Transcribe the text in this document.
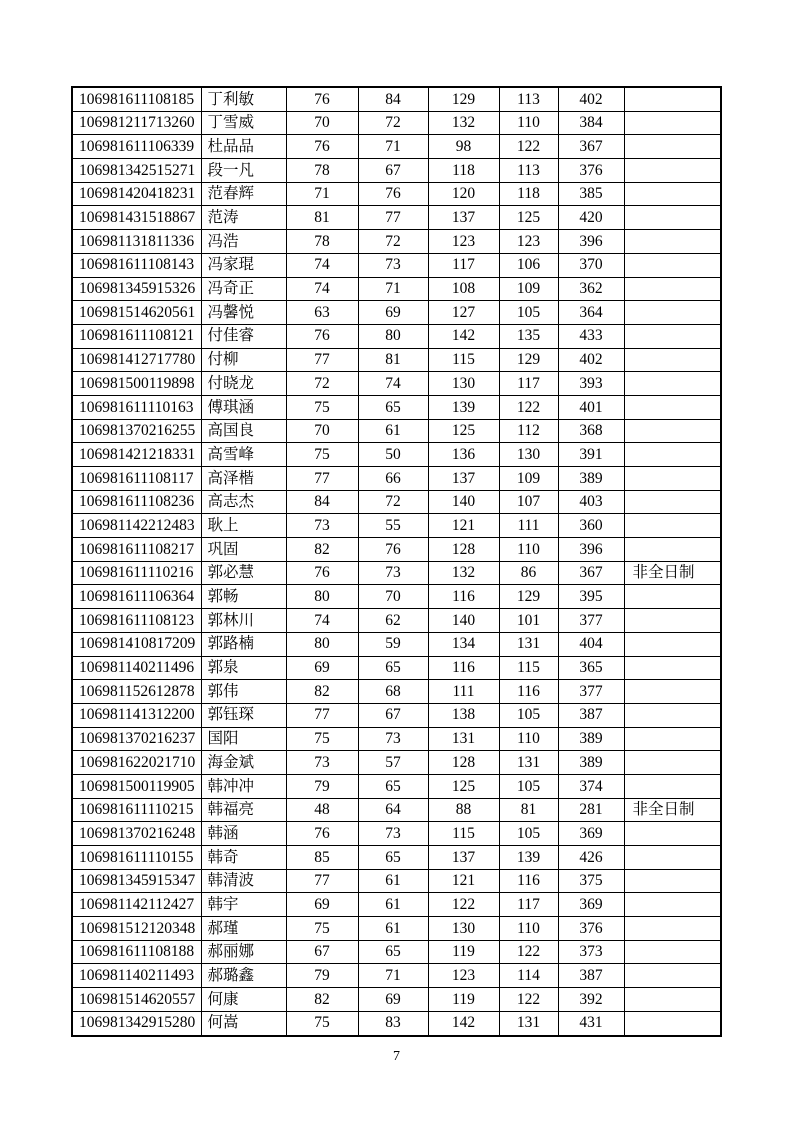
106981611108185	丁利敏	76	84	129	113	402	
106981211713260	丁雪威	70	72	132	110	384	
106981611106339	杜品品	76	71	98	122	367	
106981342515271	段一凡	78	67	118	113	376	
106981420418231	范春辉	71	76	120	118	385	
106981431518867	范涛	81	77	137	125	420	
106981131811336	冯浩	78	72	123	123	396	
106981611108143	冯家琨	74	73	117	106	370	
106981345915326	冯奇正	74	71	108	109	362	
106981514620561	冯馨悦	63	69	127	105	364	
106981611108121	付佳睿	76	80	142	135	433	
106981412717780	付柳	77	81	115	129	402	
106981500119898	付晓龙	72	74	130	117	393	
106981611110163	傅琪涵	75	65	139	122	401	
106981370216255	高国良	70	61	125	112	368	
106981421218331	高雪峰	75	50	136	130	391	
106981611108117	高泽楷	77	66	137	109	389	
106981611108236	高志杰	84	72	140	107	403	
106981142212483	耿上	73	55	121	111	360	
106981611108217	巩固	82	76	128	110	396	
106981611110216	郭必慧	76	73	132	86	367	非全日制
106981611106364	郭畅	80	70	116	129	395	
106981611108123	郭林川	74	62	140	101	377	
106981410817209	郭路楠	80	59	134	131	404	
106981140211496	郭泉	69	65	116	115	365	
106981152612878	郭伟	82	68	111	116	377	
106981141312200	郭钰琛	77	67	138	105	387	
106981370216237	国阳	75	73	131	110	389	
106981622021710	海金斌	73	57	128	131	389	
106981500119905	韩冲冲	79	65	125	105	374	
106981611110215	韩福亮	48	64	88	81	281	非全日制
106981370216248	韩涵	76	73	115	105	369	
106981611110155	韩奇	85	65	137	139	426	
106981345915347	韩清波	77	61	121	116	375	
106981142112427	韩宇	69	61	122	117	369	
106981512120348	郝瑾	75	61	130	110	376	
106981611108188	郝丽娜	67	65	119	122	373	
106981140211493	郝璐鑫	79	71	123	114	387	
106981514620557	何康	82	69	119	122	392	
106981342915280	何嵩	75	83	142	131	431	
7
